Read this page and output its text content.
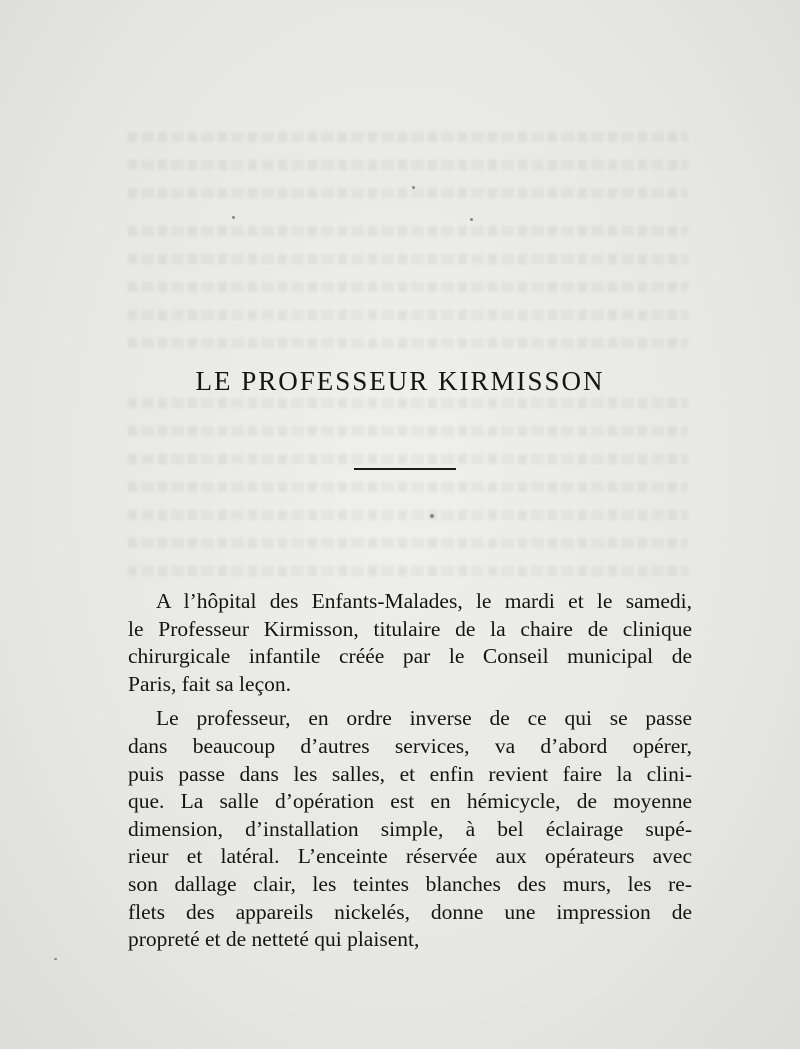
LE PROFESSEUR KIRMISSON

A l’hôpital des Enfants-Malades, le mardi et le samedi,
le Professeur Kirmisson, titulaire de la chaire de clinique
chirurgicale infantile créée par le Conseil municipal de
Paris, fait sa leçon.

Le professeur, en ordre inverse de ce qui se passe
dans beaucoup d’autres services, va d’abord opérer,
puis passe dans les salles, et enfin revient faire la clini-
que. La salle d’opération est en hémicycle, de moyenne
dimension, d’installation simple, à bel éclairage supé-
rieur et latéral. L’enceinte réservée aux opérateurs avec
son dallage clair, les teintes blanches des murs, les re-
flets des appareils nickelés, donne une impression de
propreté et de netteté qui plaisent,
